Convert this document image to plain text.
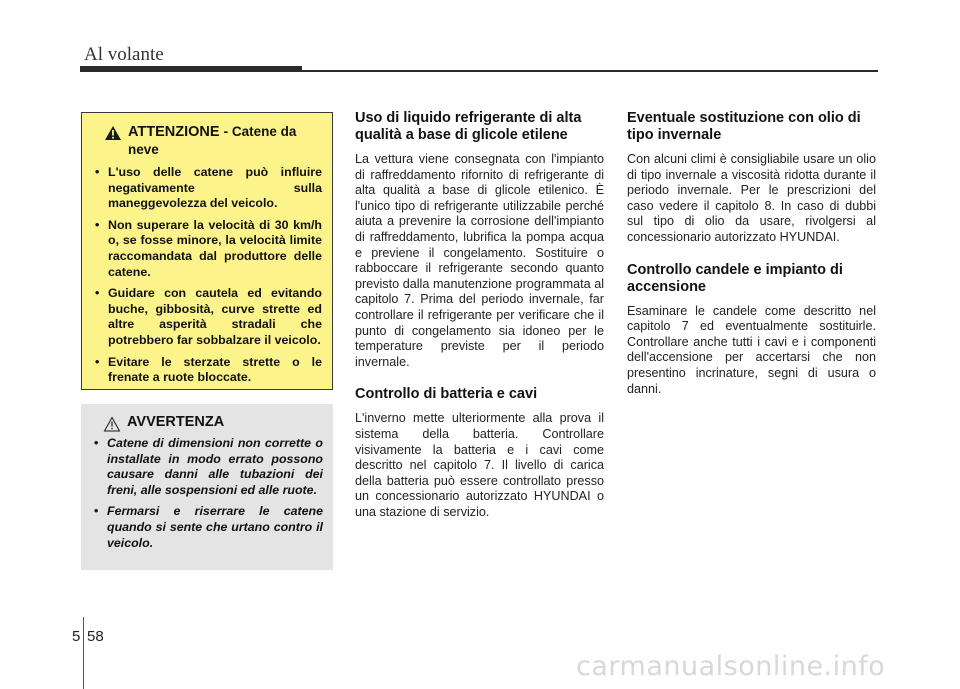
Al volante
ATTENZIONE - Catene da neve
• L'uso delle catene può influire negativamente sulla maneggevolezza del veicolo.
• Non superare la velocità di 30 km/h o, se fosse minore, la velocità limite raccomandata dal produttore delle catene.
• Guidare con cautela ed evitando buche, gibbosità, curve strette ed altre asperità stradali che potrebbero far sobbalzare il veicolo.
• Evitare le sterzate strette o le frenate a ruote bloccate.
AVVERTENZA
• Catene di dimensioni non corrette o installate in modo errato possono causare danni alle tubazioni dei freni, alle sospensioni ed alle ruote.
• Fermarsi e riserrare le catene quando si sente che urtano contro il veicolo.
Uso di liquido refrigerante di alta qualità a base di glicole etilene

La vettura viene consegnata con l'impianto di raffreddamento rifornito di refrigerante di alta qualità a base di glicole etilenico. È l'unico tipo di refrigerante utilizzabile perché aiuta a prevenire la corrosione dell'impianto di raffreddamento, lubrifica la pompa acqua e previene il congelamento. Sostituire o rabboccare il refrigerante secondo quanto previsto dalla manutenzione programmata al capitolo 7. Prima del periodo invernale, far controllare il refrigerante per verificare che il punto di congelamento sia idoneo per le temperature previste per il periodo invernale.

Controllo di batteria e cavi

L'inverno mette ulteriormente alla prova il sistema della batteria. Controllare visivamente la batteria e i cavi come descritto nel capitolo 7. Il livello di carica della batteria può essere controllato presso un concessionario autorizzato HYUNDAI o una stazione di servizio.

Eventuale sostituzione con olio di tipo invernale

Con alcuni climi è consigliabile usare un olio di tipo invernale a viscosità ridotta durante il periodo invernale. Per le prescrizioni del caso vedere il capitolo 8. In caso di dubbi sul tipo di olio da usare, rivolgersi al concessionario autorizzato HYUNDAI.

Controllo candele e impianto di accensione

Esaminare le candele come descritto nel capitolo 7 ed eventualmente sostituirle. Controllare anche tutti i cavi e i componenti dell'accensione per accertarsi che non presentino incrinature, segni di usura o danni.

5 58
carmanualsonline.info
